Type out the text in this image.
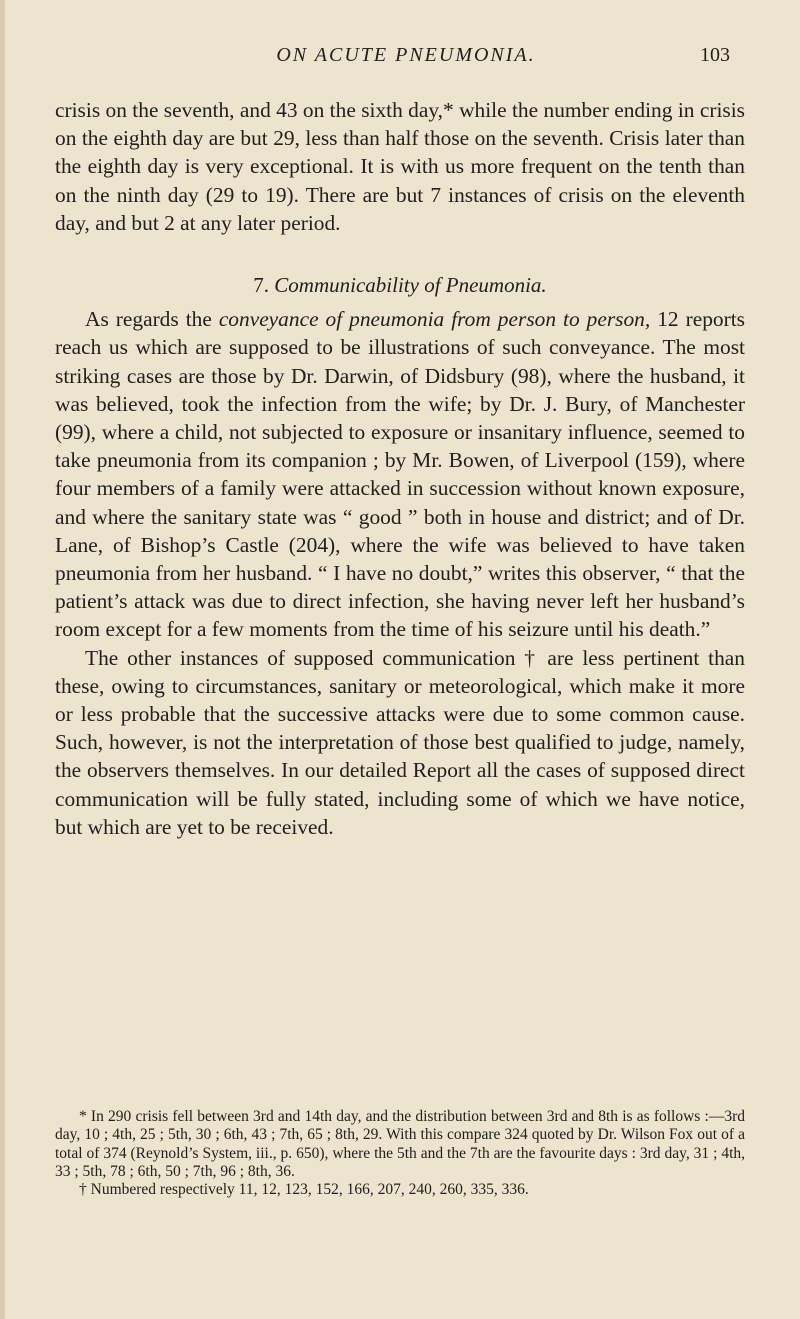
ON ACUTE PNEUMONIA.	103

crisis on the seventh, and 43 on the sixth day,* while the number ending in crisis on the eighth day are but 29, less than half those on the seventh. Crisis later than the eighth day is very exceptional. It is with us more frequent on the tenth than on the ninth day (29 to 19). There are but 7 instances of crisis on the eleventh day, and but 2 at any later period.

7. Communicability of Pneumonia.

As regards the conveyance of pneumonia from person to person, 12 reports reach us which are supposed to be illustrations of such conveyance. The most striking cases are those by Dr. Darwin, of Didsbury (98), where the husband, it was believed, took the infection from the wife; by Dr. J. Bury, of Manchester (99), where a child, not subjected to exposure or insanitary influence, seemed to take pneumonia from its companion ; by Mr. Bowen, of Liverpool (159), where four members of a family were attacked in succession without known exposure, and where the sanitary state was “ good ” both in house and district; and of Dr. Lane, of Bishop’s Castle (204), where the wife was believed to have taken pneumonia from her husband. “ I have no doubt,” writes this observer, “ that the patient’s attack was due to direct infection, she having never left her husband’s room except for a few moments from the time of his seizure until his death.”

The other instances of supposed communication † are less pertinent than these, owing to circumstances, sanitary or meteorological, which make it more or less probable that the successive attacks were due to some common cause. Such, however, is not the interpretation of those best qualified to judge, namely, the observers themselves. In our detailed Report all the cases of supposed direct communication will be fully stated, including some of which we have notice, but which are yet to be received.

* In 290 crisis fell between 3rd and 14th day, and the distribution between 3rd and 8th is as follows :—3rd day, 10 ; 4th, 25 ; 5th, 30 ; 6th, 43 ; 7th, 65 ; 8th, 29. With this compare 324 quoted by Dr. Wilson Fox out of a total of 374 (Reynold’s System, iii., p. 650), where the 5th and the 7th are the favourite days : 3rd day, 31 ; 4th, 33 ; 5th, 78 ; 6th, 50 ; 7th, 96 ; 8th, 36.

† Numbered respectively 11, 12, 123, 152, 166, 207, 240, 260, 335, 336.
